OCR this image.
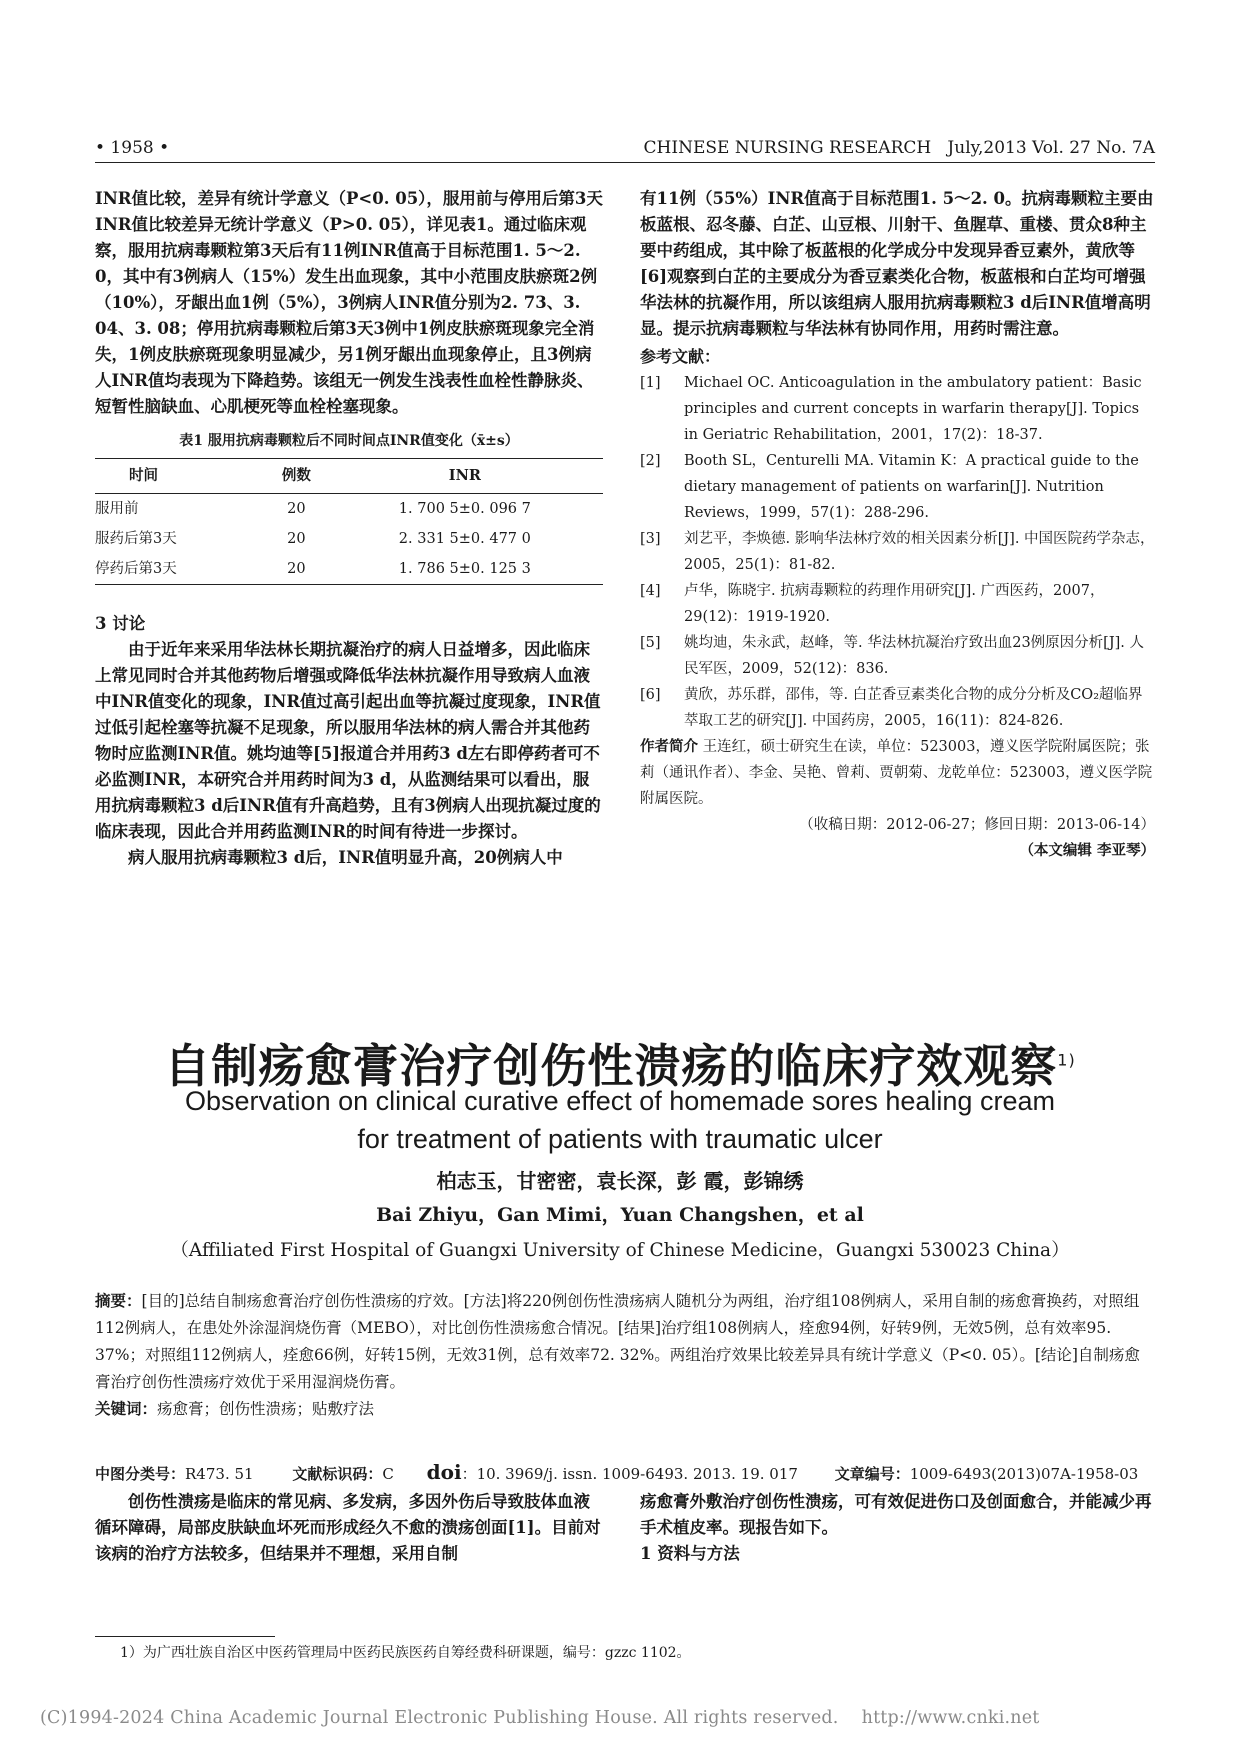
• 1958 •	CHINESE NURSING RESEARCH   July,2013 Vol. 27 No. 7A

INR值比较，差异有统计学意义（P<0. 05），服用前与停用后第3天INR值比较差异无统计学意义（P>0. 05），详见表1。通过临床观察，服用抗病毒颗粒第3天后有11例INR值高于目标范围1. 5～2. 0，其中有3例病人（15%）发生出血现象，其中小范围皮肤瘀斑2例（10%），牙龈出血1例（5%），3例病人INR值分别为2. 73、3. 04、3. 08；停用抗病毒颗粒后第3天3例中1例皮肤瘀斑现象完全消失，1例皮肤瘀斑现象明显减少，另1例牙龈出血现象停止，且3例病人INR值均表现为下降趋势。该组无一例发生浅表性血栓性静脉炎、短暂性脑缺血、心肌梗死等血栓栓塞现象。

表1 服用抗病毒颗粒后不同时间点INR值变化（x̄±s）
时间	例数	INR
服用前	20	1. 700 5±0. 096 7
服药后第3天	20	2. 331 5±0. 477 0
停药后第3天	20	1. 786 5±0. 125 3
3 讨论

由于近年来采用华法林长期抗凝治疗的病人日益增多，因此临床上常见同时合并其他药物后增强或降低华法林抗凝作用导致病人血液中INR值变化的现象，INR值过高引起出血等抗凝过度现象，INR值过低引起栓塞等抗凝不足现象，所以服用华法林的病人需合并其他药物时应监测INR值。姚均迪等[5]报道合并用药3 d左右即停药者可不必监测INR，本研究合并用药时间为3 d，从监测结果可以看出，服用抗病毒颗粒3 d后INR值有升高趋势，且有3例病人出现抗凝过度的临床表现，因此合并用药监测INR的时间有待进一步探讨。

病人服用抗病毒颗粒3 d后，INR值明显升高，20例病人中

有11例（55%）INR值高于目标范围1. 5～2. 0。抗病毒颗粒主要由板蓝根、忍冬藤、白芷、山豆根、川射干、鱼腥草、重楼、贯众8种主要中药组成，其中除了板蓝根的化学成分中发现异香豆素外，黄欣等[6]观察到白芷的主要成分为香豆素类化合物，板蓝根和白芷均可增强华法林的抗凝作用，所以该组病人服用抗病毒颗粒3 d后INR值增高明显。提示抗病毒颗粒与华法林有协同作用，用药时需注意。

参考文献：
[1]	Michael OC. Anticoagulation in the ambulatory patient：Basic principles and current concepts in warfarin therapy[J]. Topics in Geriatric Rehabilitation，2001，17(2)：18-37.
[2]	Booth SL，Centurelli MA. Vitamin K：A practical guide to the dietary management of patients on warfarin[J]. Nutrition Reviews，1999，57(1)：288-296.
[3]	刘艺平，李焕德. 影响华法林疗效的相关因素分析[J]. 中国医院药学杂志，2005，25(1)：81-82.
[4]	卢华，陈晓宇. 抗病毒颗粒的药理作用研究[J]. 广西医药，2007，29(12)：1919-1920.
[5]	姚均迪，朱永武，赵峰，等. 华法林抗凝治疗致出血23例原因分析[J]. 人民军医，2009，52(12)：836.
[6]	黄欣，苏乐群，邵伟，等. 白芷香豆素类化合物的成分分析及CO₂超临界萃取工艺的研究[J]. 中国药房，2005，16(11)：824-826.
作者简介 王连红，硕士研究生在读，单位：523003，遵义医学院附属医院；张莉（通讯作者）、李金、吴艳、曾莉、贾朝菊、龙乾单位：523003，遵义医学院附属医院。
（收稿日期：2012-06-27；修回日期：2013-06-14）
（本文编辑 李亚琴）
自制疡愈膏治疗创伤性溃疡的临床疗效观察$^{1)}$
Observation on clinical curative effect of homemade sores healing cream
for treatment of patients with traumatic ulcer
柏志玉，甘密密，袁长深，彭 霞，彭锦绣
Bai Zhiyu，Gan Mimi，Yuan Changshen，et al
（Affiliated First Hospital of Guangxi University of Chinese Medicine，Guangxi 530023 China）
摘要：[目的]总结自制疡愈膏治疗创伤性溃疡的疗效。[方法]将220例创伤性溃疡病人随机分为两组，治疗组108例病人，采用自制的疡愈膏换药，对照组112例病人，在患处外涂湿润烧伤膏（MEBO），对比创伤性溃疡愈合情况。[结果]治疗组108例病人，痊愈94例，好转9例，无效5例，总有效率95. 37%；对照组112例病人，痊愈66例，好转15例，无效31例，总有效率72. 32%。两组治疗效果比较差异具有统计学意义（P<0. 05）。[结论]自制疡愈膏治疗创伤性溃疡疗效优于采用湿润烧伤膏。
关键词：疡愈膏；创伤性溃疡；贴敷疗法
中图分类号：R473. 51	文献标识码：C doi：10. 3969/j. issn. 1009-6493. 2013. 19. 017 文章编号：1009-6493(2013)07A-1958-03

创伤性溃疡是临床的常见病、多发病，多因外伤后导致肢体血液循环障碍，局部皮肤缺血坏死而形成经久不愈的溃疡创面[1]。目前对该病的治疗方法较多，但结果并不理想，采用自制

疡愈膏外敷治疗创伤性溃疡，可有效促进伤口及创面愈合，并能减少再手术植皮率。现报告如下。

1 资料与方法
1）为广西壮族自治区中医药管理局中医药民族医药自筹经费科研课题，编号：gzzc 1102。
(C)1994-2024 China Academic Journal Electronic Publishing House. All rights reserved.    http://www.cnki.net
